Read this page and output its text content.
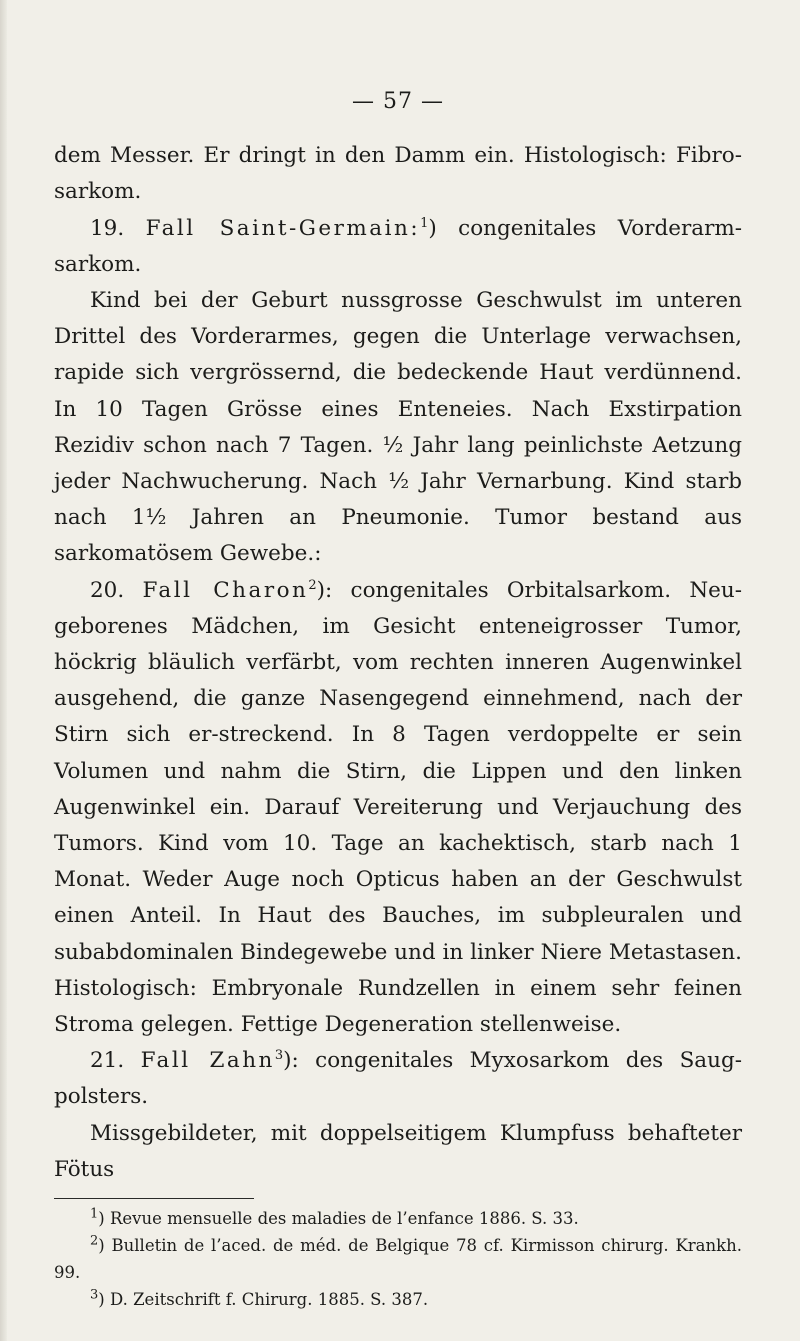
— 57 —

dem Messer. Er dringt in den Damm ein. Histologisch: Fibro-sarkom.

19. Fall Saint-Germain:$^1$) congenitales Vorderarm-sarkom.

Kind bei der Geburt nussgrosse Geschwulst im unteren Drittel des Vorderarmes, gegen die Unterlage verwachsen, rapide sich vergrössernd, die bedeckende Haut verdünnend. In 10 Tagen Grösse eines Enteneies. Nach Exstirpation Rezidiv schon nach 7 Tagen. ½ Jahr lang peinlichste Aetzung jeder Nachwucherung. Nach ½ Jahr Vernarbung. Kind starb nach 1½ Jahren an Pneumonie. Tumor bestand aus sarkomatösem Gewebe.:

20. Fall Charon$^2$): congenitales Orbitalsarkom. Neu-geborenes Mädchen, im Gesicht enteneigrosser Tumor, höckrig bläulich verfärbt, vom rechten inneren Augenwinkel ausgehend, die ganze Nasengegend einnehmend, nach der Stirn sich er-streckend. In 8 Tagen verdoppelte er sein Volumen und nahm die Stirn, die Lippen und den linken Augenwinkel ein. Darauf Vereiterung und Verjauchung des Tumors. Kind vom 10. Tage an kachektisch, starb nach 1 Monat. Weder Auge noch Opticus haben an der Geschwulst einen Anteil. In Haut des Bauches, im subpleuralen und subabdominalen Bindegewebe und in linker Niere Metastasen. Histologisch: Embryonale Rundzellen in einem sehr feinen Stroma gelegen. Fettige Degeneration stellenweise.

21. Fall Zahn$^3$): congenitales Myxosarkom des Saug-polsters.

Missgebildeter, mit doppelseitigem Klumpfuss behafteter Fötus

$^1$) Revue mensuelle des maladies de l’enfance 1886. S. 33.

$^2$) Bulletin de l’aced. de méd. de Belgique 78 cf. Kirmisson chirurg. Krankh. 99.

$^3$) D. Zeitschrift f. Chirurg. 1885. S. 387.
